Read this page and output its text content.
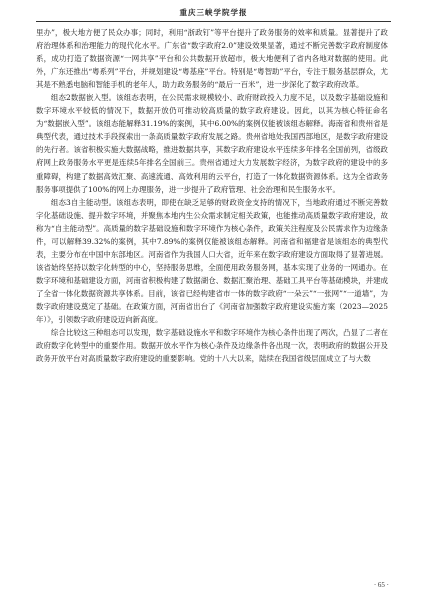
重庆三峡学院学报

里办”，极大地方便了民众办事；同时，利用“浙政钉”等平台提升了政务服务的效率和质量。显著提升了政府治理体系和治理能力的现代化水平。广东省“数字政府2.0”建设效果显著，通过不断完善数字政府制度体系，成功打造了数据资源“一网共享”平台和公共数据开放超市，极大地便利了省内各地对数据的使用。此外，广东还推出“粤系列”平台，并规划建设“粤基座”平台。特别是“粤智助”平台，专注于服务基层群众，尤其是不熟悉电脑和智能手机的老年人，助力政务服务的“最后一百米”，进一步深化了数字政府改革。

组态2数据嵌入型。该组态表明，在公民需求规模较小、政府财政投入力度不足，以及数字基础设施和数字环境水平较低的情况下，数据开放仍可推动较高质量的数字政府建设。因此，以其为核心特征命名为“数据嵌入型”。该组态能解释31.19%的案例，其中6.00%的案例仅能被该组态解释。海南省和贵州省是典型代表，通过技术手段探索出一条高质量数字政府发展之路。贵州省地处我国西部地区，是数字政府建设的先行者。该省积极实施大数据战略，推进数据共享，其数字政府建设水平连续多年排名全国前列，省级政府网上政务服务水平更是连续5年排名全国前三。贵州省通过大力发展数字经济，为数字政府的建设中的多重障碍，构建了数据高效汇聚、高速流通、高效利用的云平台，打造了一体化数据资源体系。这为全省政务服务事项提供了100%的网上办理服务，进一步提升了政府管理、社会治理和民生服务水平。

组态3自主能动型。该组态表明，即使在缺乏足够的财政资金支持的情况下，当地政府通过不断完善数字化基础设施、提升数字环境，并聚焦本地内生公众需求制定相关政策，也能推动高质量数字政府建设，故称为“自主能动型”。高质量的数字基础设施和数字环境作为核心条件，政策关注程度及公民需求作为边缘条件，可以解释39.32%的案例，其中7.89%的案例仅能被该组态解释。河南省和福建省是该组态的典型代表，主要分布在中国中东部地区。河南省作为我国人口大省，近年来在数字政府建设方面取得了显著进展。该省始终坚持以数字化转型的中心，坚持服务思维，全面使用政务服务网，基本实现了业务的一网通办。在数字环境和基础建设方面，河南省积极构建了数据湖仓、数据汇聚治理、基础工具平台等基础模块，并建成了全省一体化数据资源共享体系。目前，该省已经构建省市一体的数字政府“一朵云”“一张网”“一道墙”，为数字政府建设奠定了基础。在政策方面，河南省出台了《河南省加强数字政府建设实施方案（2023—2025年）》，引领数字政府建设迈向新高度。

综合比较这三种组态可以发现，数字基础设施水平和数字环境作为核心条件出现了两次，凸显了二者在政府数字化转型中的重要作用。数据开放水平作为核心条件及边缘条件各出现一次，表明政府的数据公开及政务开放平台对高质量数字政府建设的重要影响。党的十八大以来，陆续在我国省级层面成立了与大数

· 65 ·
